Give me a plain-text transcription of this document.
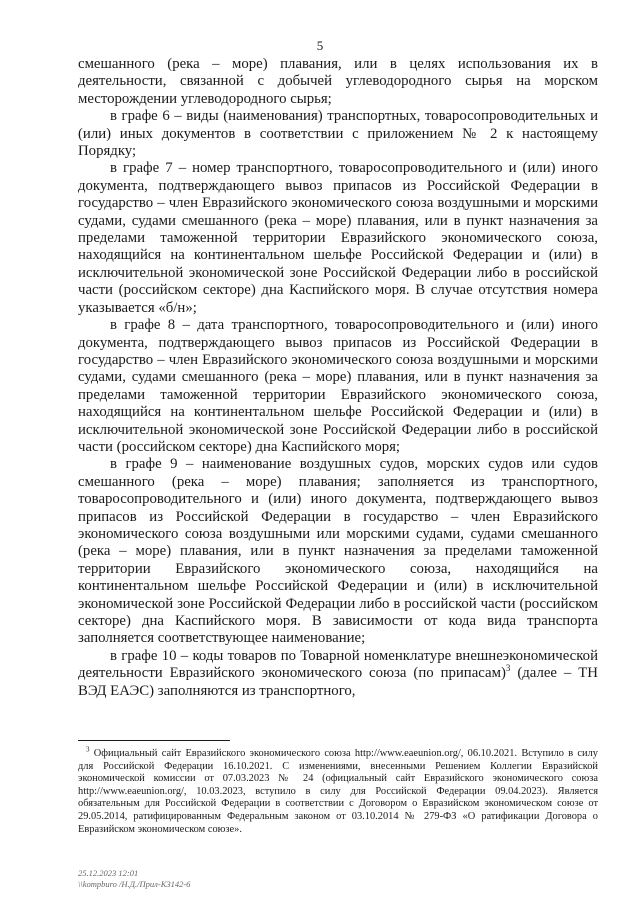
5

смешанного (река – море) плавания, или в целях использования их в деятельности, связанной с добычей углеводородного сырья на морском месторождении углеводородного сырья;

в графе 6 – виды (наименования) транспортных, товаросопроводительных и (или) иных документов в соответствии с приложением № 2 к настоящему Порядку;

в графе 7 – номер транспортного, товаросопроводительного и (или) иного документа, подтверждающего вывоз припасов из Российской Федерации в государство – член Евразийского экономического союза воздушными и морскими судами, судами смешанного (река – море) плавания, или в пункт назначения за пределами таможенной территории Евразийского экономического союза, находящийся на континентальном шельфе Российской Федерации и (или) в исключительной экономической зоне Российской Федерации либо в российской части (российском секторе) дна Каспийского моря. В случае отсутствия номера указывается «б/н»;

в графе 8 – дата транспортного, товаросопроводительного и (или) иного документа, подтверждающего вывоз припасов из Российской Федерации в государство – член Евразийского экономического союза воздушными и морскими судами, судами смешанного (река – море) плавания, или в пункт назначения за пределами таможенной территории Евразийского экономического союза, находящийся на континентальном шельфе Российской Федерации и (или) в исключительной экономической зоне Российской Федерации либо в российской части (российском секторе) дна Каспийского моря;

в графе 9 – наименование воздушных судов, морских судов или судов смешанного (река – море) плавания; заполняется из транспортного, товаросопроводительного и (или) иного документа, подтверждающего вывоз припасов из Российской Федерации в государство – член Евразийского экономического союза воздушными или морскими судами, судами смешанного (река – море) плавания, или в пункт назначения за пределами таможенной территории Евразийского экономического союза, находящийся на континентальном шельфе Российской Федерации и (или) в исключительной экономической зоне Российской Федерации либо в российской части (российском секторе) дна Каспийского моря. В зависимости от кода вида транспорта заполняется соответствующее наименование;

в графе 10 – коды товаров по Товарной номенклатуре внешнеэкономической деятельности Евразийского экономического союза (по припасам)$^3$ (далее – ТН ВЭД ЕАЭС) заполняются из транспортного,

$^3$ Официальный сайт Евразийского экономического союза http://www.eaeunion.org/, 06.10.2021. Вступило в силу для Российской Федерации 16.10.2021. С изменениями, внесенными Решением Коллегии Евразийской экономической комиссии от 07.03.2023 № 24 (официальный сайт Евразийского экономического союза http://www.eaeunion.org/, 10.03.2023, вступило в силу для Российской Федерации 09.04.2023). Является обязательным для Российской Федерации в соответствии с Договором о Евразийском экономическом союзе от 29.05.2014, ратифицированным Федеральным законом от 03.10.2014 № 279-ФЗ «О ратификации Договора о Евразийском экономическом союзе».
25.12.2023 12:01
\\kompburo /Н.Д./Прил-К3142-6
